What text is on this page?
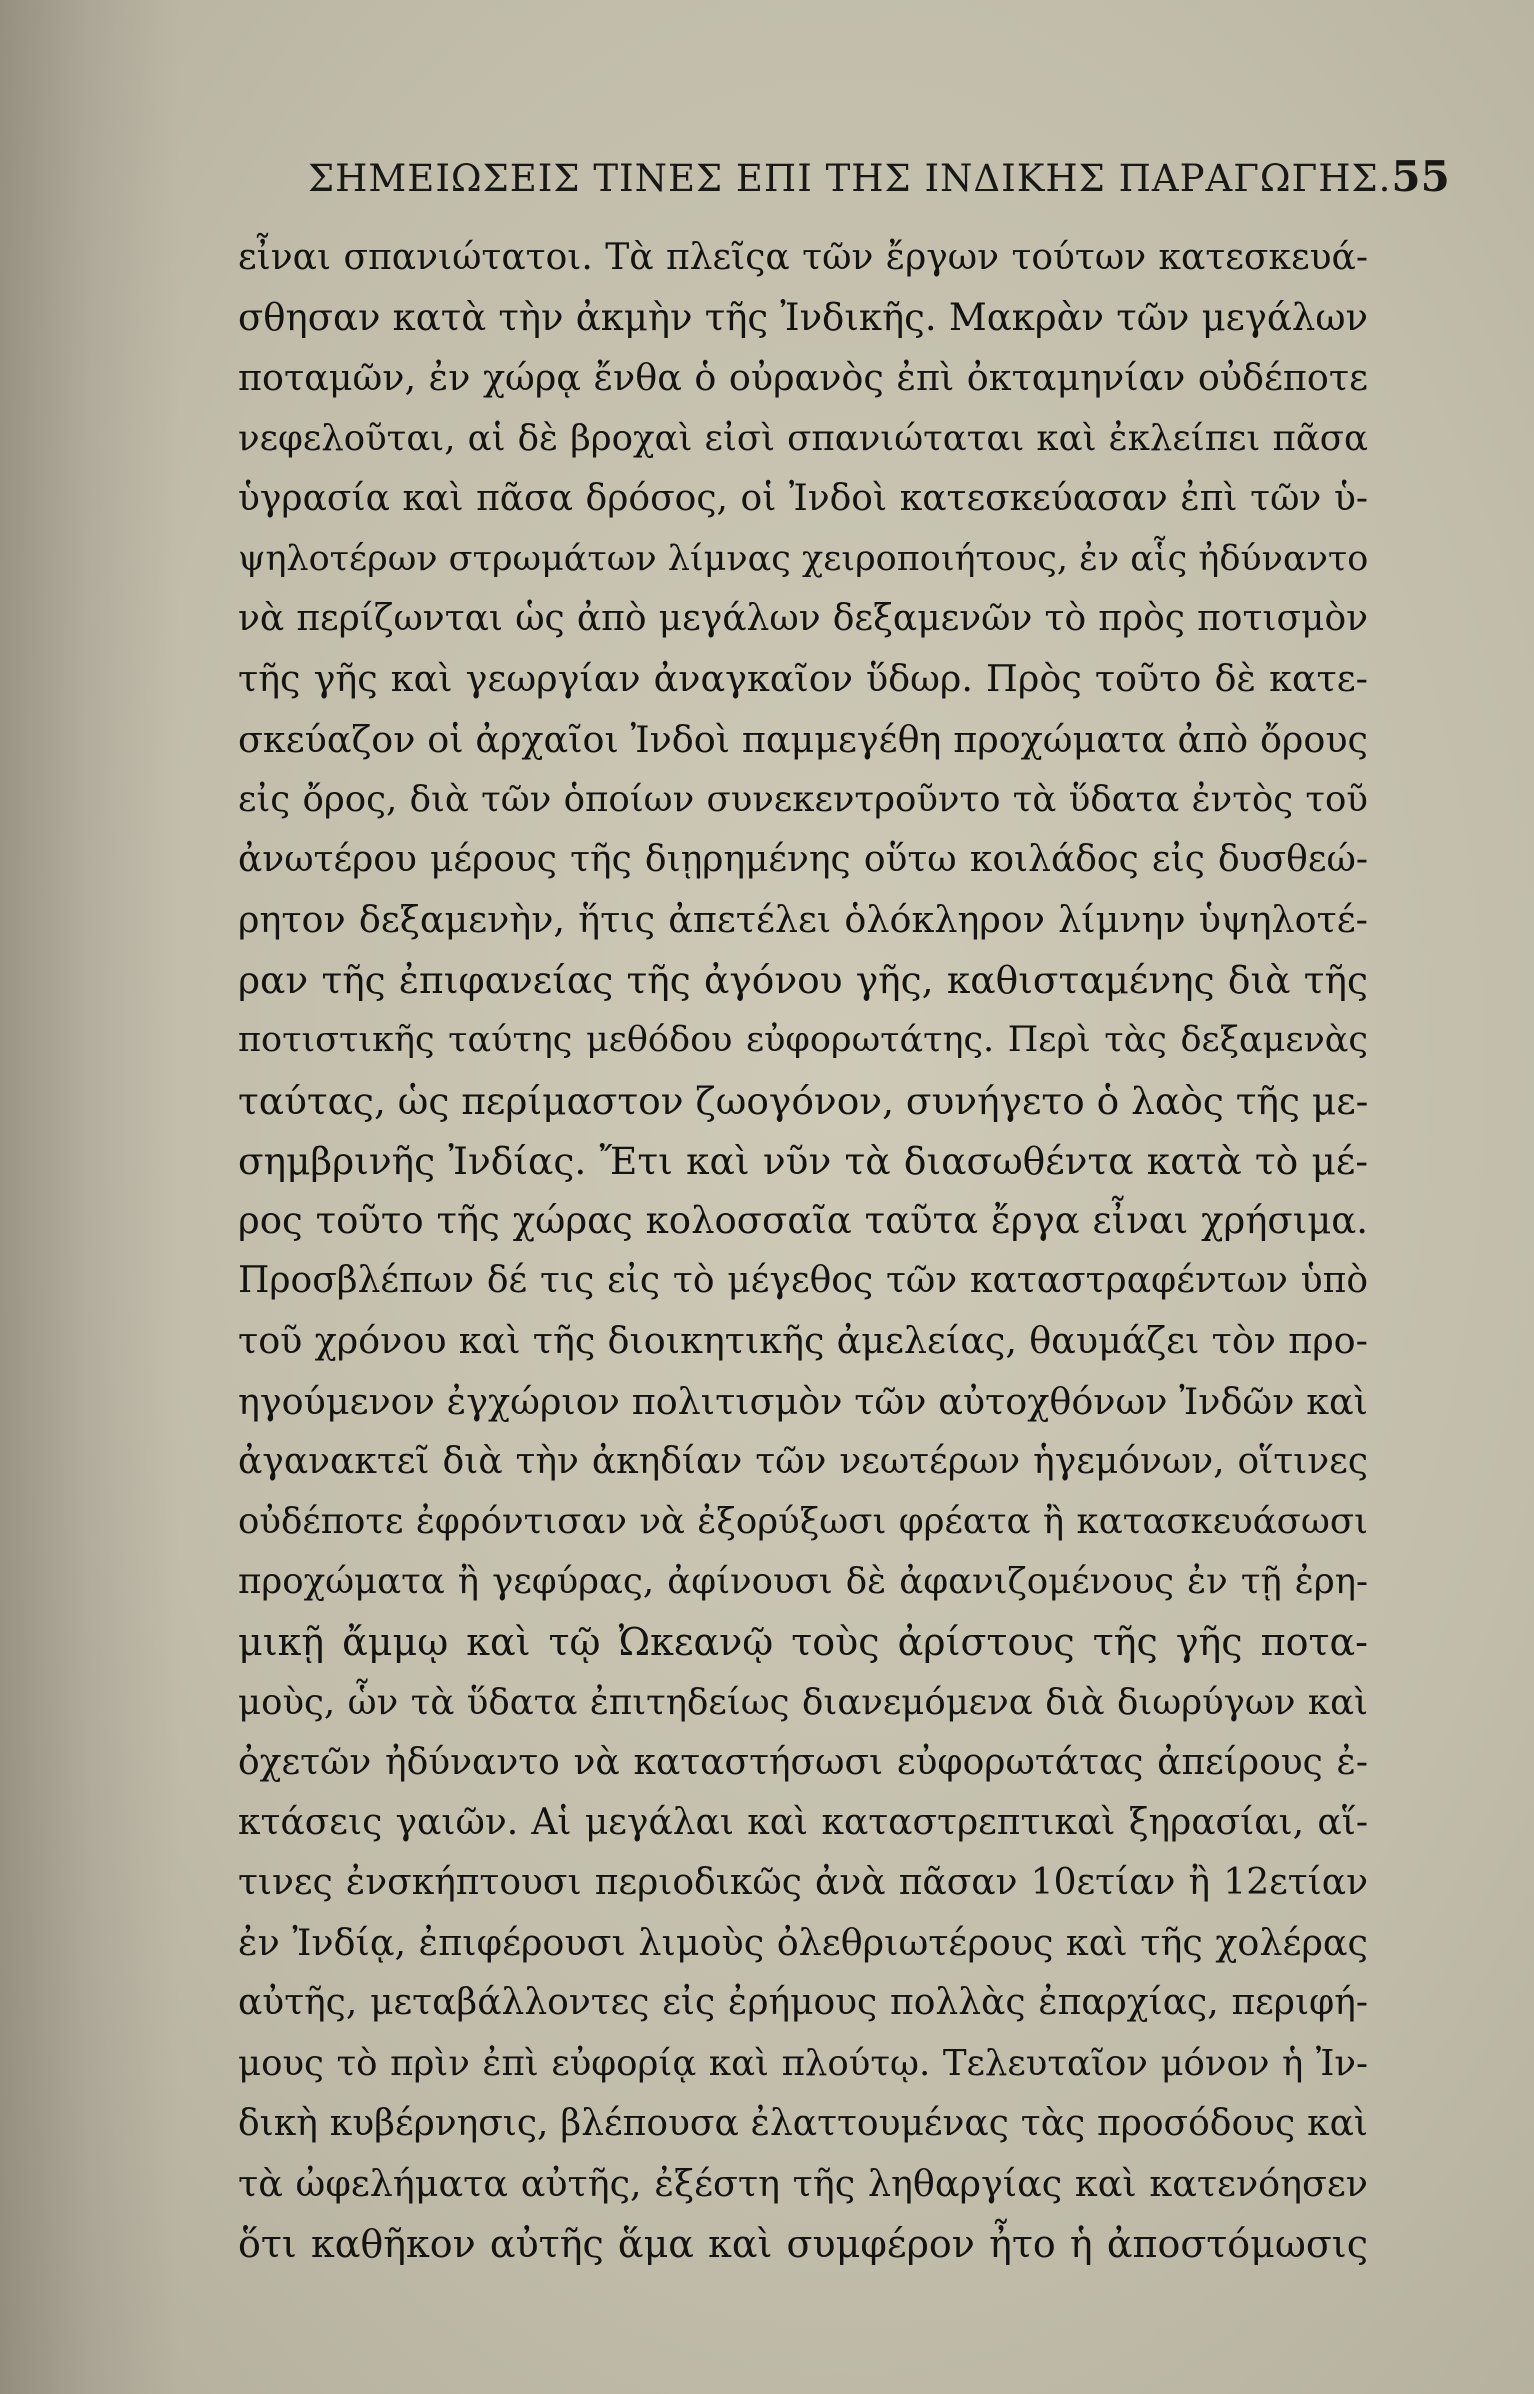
ΣΗΜΕΙΩΣΕΙΣ ΤΙΝΕΣ ΕΠΙ ΤΗΣ ΙΝΔΙΚΗΣ ΠΑΡΑΓΩΓΗΣ. 55
εἶναι σπανιώτατοι. Τὰ πλεῖςα τῶν ἔργων τούτων κατεσκευά-
σθησαν κατὰ τὴν ἀκμὴν τῆς Ἰνδικῆς. Μακρὰν τῶν μεγάλων
ποταμῶν, ἐν χώρᾳ ἔνθα ὁ οὐρανὸς ἐπὶ ὀκταμηνίαν οὐδέποτε
νεφελοῦται, αἱ δὲ βροχαὶ εἰσὶ σπανιώταται καὶ ἐκλείπει πᾶσα
ὑγρασία καὶ πᾶσα δρόσος, οἱ Ἰνδοὶ κατεσκεύασαν ἐπὶ τῶν ὑ-
ψηλοτέρων στρωμάτων λίμνας χειροποιήτους, ἐν αἷς ἠδύναντο
νὰ περίζωνται ὡς ἀπὸ μεγάλων δεξαμενῶν τὸ πρὸς ποτισμὸν
τῆς γῆς καὶ γεωργίαν ἀναγκαῖον ὕδωρ. Πρὸς τοῦτο δὲ κατε-
σκεύαζον οἱ ἀρχαῖοι Ἰνδοὶ παμμεγέθη προχώματα ἀπὸ ὄρους
εἰς ὄρος, διὰ τῶν ὁποίων συνεκεντροῦντο τὰ ὕδατα ἐντὸς τοῦ
ἀνωτέρου μέρους τῆς διῃρημένης οὕτω κοιλάδος εἰς δυσθεώ-
ρητον δεξαμενὴν, ἥτις ἀπετέλει ὁλόκληρον λίμνην ὑψηλοτέ-
ραν τῆς ἐπιφανείας τῆς ἀγόνου γῆς, καθισταμένης διὰ τῆς
ποτιστικῆς ταύτης μεθόδου εὐφορωτάτης. Περὶ τὰς δεξαμενὰς
ταύτας, ὡς περίμαστον ζωογόνον, συνήγετο ὁ λαὸς τῆς με-
σημβρινῆς Ἰνδίας. Ἔτι καὶ νῦν τὰ διασωθέντα κατὰ τὸ μέ-
ρος τοῦτο τῆς χώρας κολοσσαῖα ταῦτα ἔργα εἶναι χρήσιμα.
Προσβλέπων δέ τις εἰς τὸ μέγεθος τῶν καταστραφέντων ὑπὸ
τοῦ χρόνου καὶ τῆς διοικητικῆς ἀμελείας, θαυμάζει τὸν προ-
ηγούμενον ἐγχώριον πολιτισμὸν τῶν αὐτοχθόνων Ἰνδῶν καὶ
ἀγανακτεῖ διὰ τὴν ἀκηδίαν τῶν νεωτέρων ἡγεμόνων, οἵτινες
οὐδέποτε ἐφρόντισαν νὰ ἐξορύξωσι φρέατα ἢ κατασκευάσωσι
προχώματα ἢ γεφύρας, ἀφίνουσι δὲ ἀφανιζομένους ἐν τῇ ἐρη-
μικῇ ἄμμῳ καὶ τῷ Ὠκεανῷ τοὺς ἀρίστους τῆς γῆς ποτα-
μοὺς, ὧν τὰ ὕδατα ἐπιτηδείως διανεμόμενα διὰ διωρύγων καὶ
ὀχετῶν ἠδύναντο νὰ καταστήσωσι εὐφορωτάτας ἀπείρους ἐ-
κτάσεις γαιῶν. Αἱ μεγάλαι καὶ καταστρεπτικαὶ ξηρασίαι, αἵ-
τινες ἐνσκήπτουσι περιοδικῶς ἀνὰ πᾶσαν 10ετίαν ἢ 12ετίαν
ἐν Ἰνδίᾳ, ἐπιφέρουσι λιμοὺς ὀλεθριωτέρους καὶ τῆς χολέρας
αὐτῆς, μεταβάλλοντες εἰς ἐρήμους πολλὰς ἐπαρχίας, περιφή-
μους τὸ πρὶν ἐπὶ εὐφορίᾳ καὶ πλούτῳ. Τελευταῖον μόνον ἡ Ἰν-
δικὴ κυβέρνησις, βλέπουσα ἐλαττουμένας τὰς προσόδους καὶ
τὰ ὠφελήματα αὐτῆς, ἐξέστη τῆς ληθαργίας καὶ κατενόησεν
ὅτι καθῆκον αὐτῆς ἅμα καὶ συμφέρον ἦτο ἡ ἀποστόμωσις
